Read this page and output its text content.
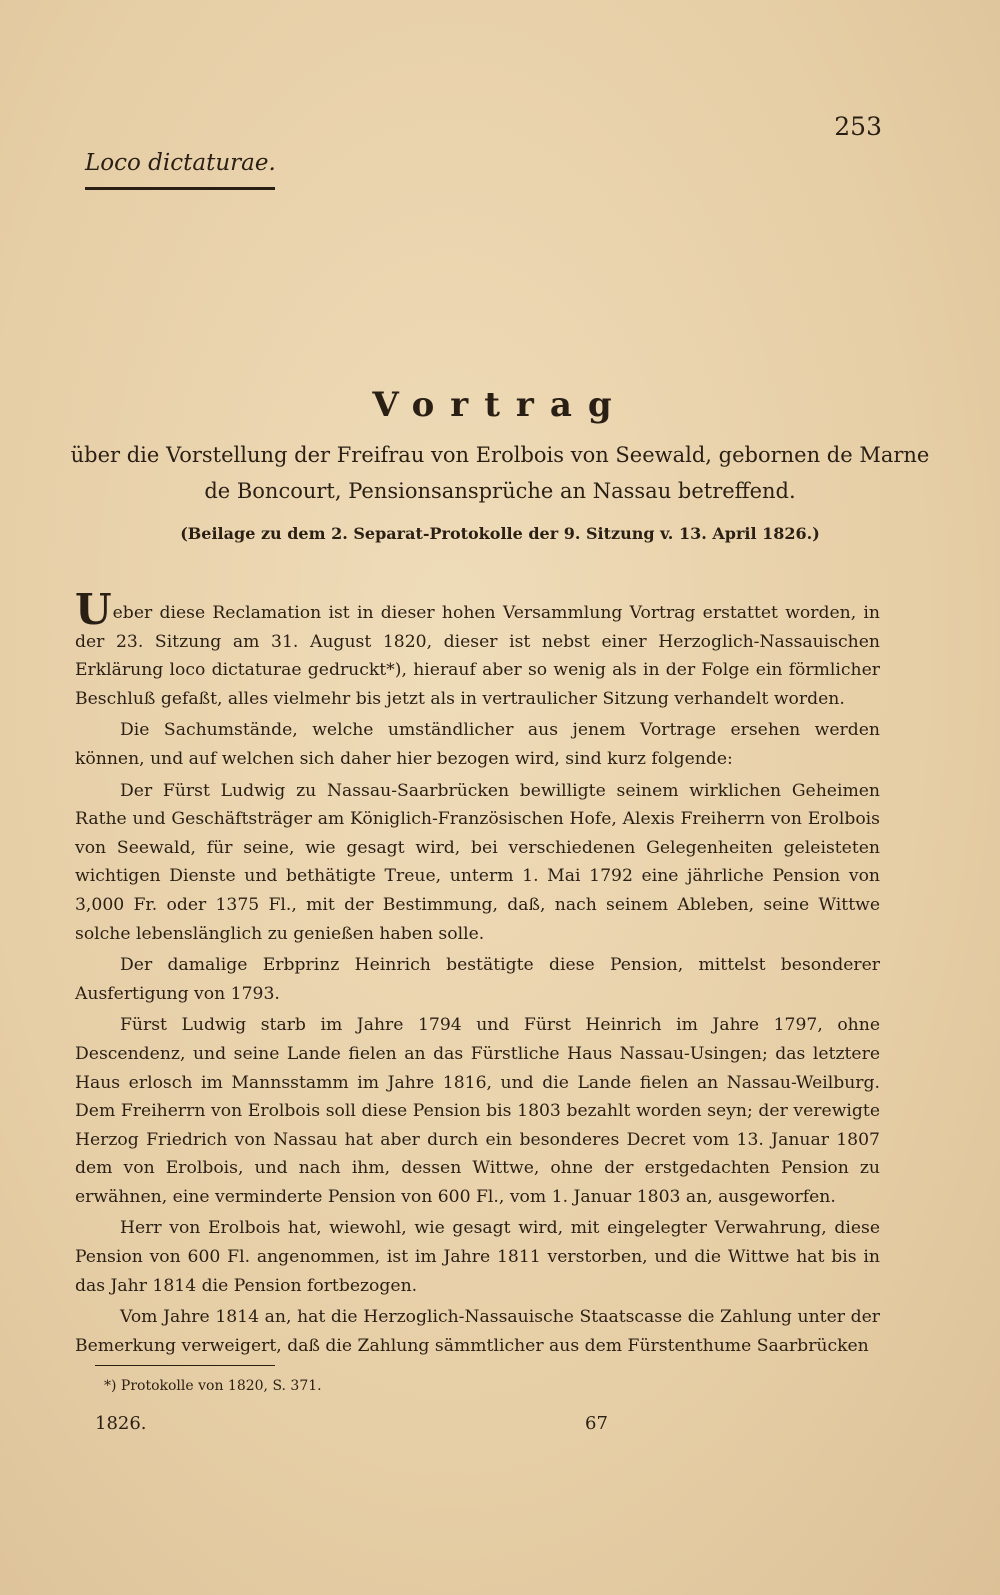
253
Loco dictaturae.
Vortrag
über die Vorstellung der Freifrau von Erolbois von Seewald, gebornen de Marne de Boncourt, Pensionsansprüche an Nassau betreffend.
(Beilage zu dem 2. Separat-Protokolle der 9. Sitzung v. 13. April 1826.)

Ueber diese Reclamation ist in dieser hohen Versammlung Vortrag erstattet worden, in der 23. Sitzung am 31. August 1820, dieser ist nebst einer Herzoglich-Nassauischen Erklärung loco dictaturae gedruckt*), hierauf aber so wenig als in der Folge ein förmlicher Beschluß gefaßt, alles vielmehr bis jetzt als in vertraulicher Sitzung verhandelt worden.

Die Sachumstände, welche umständlicher aus jenem Vortrage ersehen werden können, und auf welchen sich daher hier bezogen wird, sind kurz folgende:

Der Fürst Ludwig zu Nassau-Saarbrücken bewilligte seinem wirklichen Geheimen Rathe und Geschäftsträger am Königlich-Französischen Hofe, Alexis Freiherrn von Erolbois von Seewald, für seine, wie gesagt wird, bei verschiedenen Gelegenheiten geleisteten wichtigen Dienste und bethätigte Treue, unterm 1. Mai 1792 eine jährliche Pension von 3,000 Fr. oder 1375 Fl., mit der Bestimmung, daß, nach seinem Ableben, seine Wittwe solche lebenslänglich zu genießen haben solle.

Der damalige Erbprinz Heinrich bestätigte diese Pension, mittelst besonderer Ausfertigung von 1793.

Fürst Ludwig starb im Jahre 1794 und Fürst Heinrich im Jahre 1797, ohne Descendenz, und seine Lande fielen an das Fürstliche Haus Nassau-Usingen; das letztere Haus erlosch im Mannsstamm im Jahre 1816, und die Lande fielen an Nassau-Weilburg. Dem Freiherrn von Erolbois soll diese Pension bis 1803 bezahlt worden seyn; der verewigte Herzog Friedrich von Nassau hat aber durch ein besonderes Decret vom 13. Januar 1807 dem von Erolbois, und nach ihm, dessen Wittwe, ohne der erstgedachten Pension zu erwähnen, eine verminderte Pension von 600 Fl., vom 1. Januar 1803 an, ausgeworfen.

Herr von Erolbois hat, wiewohl, wie gesagt wird, mit eingelegter Verwahrung, diese Pension von 600 Fl. angenommen, ist im Jahre 1811 verstorben, und die Wittwe hat bis in das Jahr 1814 die Pension fortbezogen.

Vom Jahre 1814 an, hat die Herzoglich-Nassauische Staatscasse die Zahlung unter der Bemerkung verweigert, daß die Zahlung sämmtlicher aus dem Fürstenthume Saarbrücken

*) Protokolle von 1820, S. 371.
1826.	67
